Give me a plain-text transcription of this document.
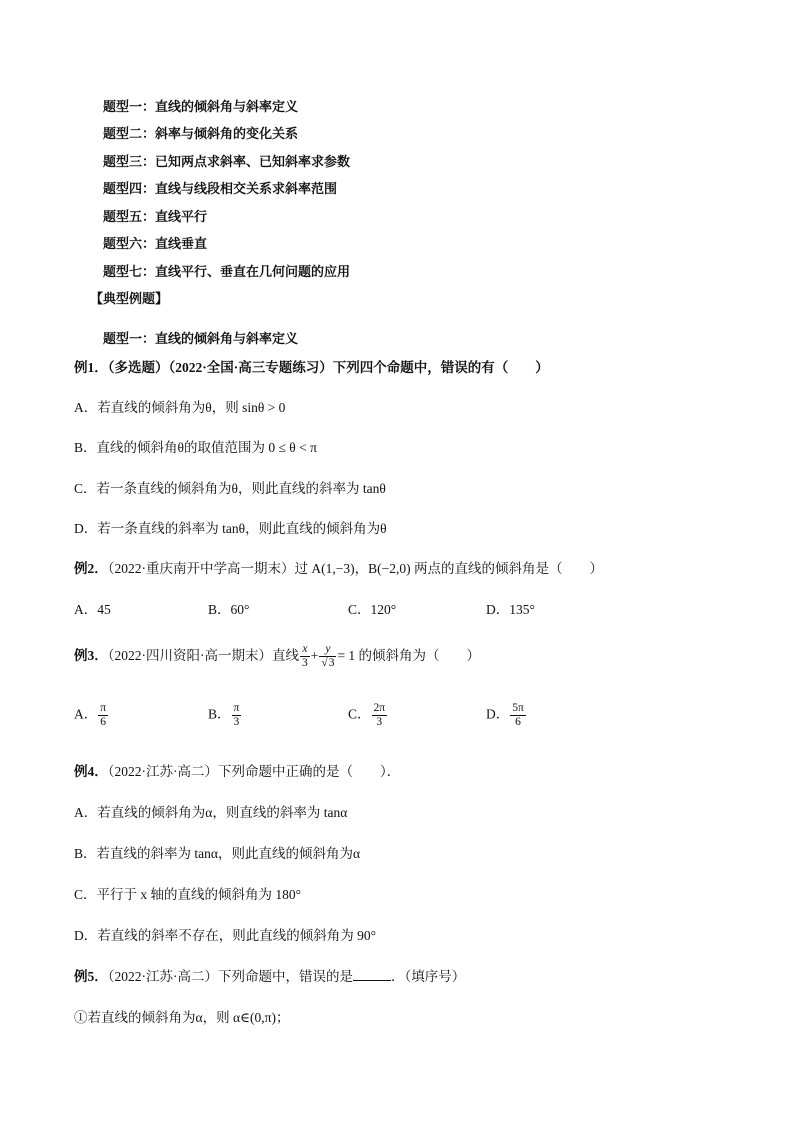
题型一：直线的倾斜角与斜率定义
题型二：斜率与倾斜角的变化关系
题型三：已知两点求斜率、已知斜率求参数
题型四：直线与线段相交关系求斜率范围
题型五：直线平行
题型六：直线垂直
题型七：直线平行、垂直在几何问题的应用
【典型例题】
题型一：直线的倾斜角与斜率定义
例1．（多选题）（2022·全国·高三专题练习）下列四个命题中，错误的有（　　）
A．若直线的倾斜角为θ，则 sinθ > 0
B．直线的倾斜角θ的取值范围为 0 ≤ θ < π
C．若一条直线的倾斜角为θ，则此直线的斜率为 tanθ
D．若一条直线的斜率为 tanθ，则此直线的倾斜角为θ
例2．（2022·重庆南开中学高一期末）过 A(1,−3)，B(−2,0) 两点的直线的倾斜角是（　　）
A．45	B．60°	C．120°	D．135°
例3．（2022·四川资阳·高一期末）直线 $\frac{x}{3} + \frac{y}{√3} = 1$ 的倾斜角为（　　）
A． $\frac{\pi}{6}$	B． $\frac{\pi}{3}$	C． $\frac{2\pi}{3}$	D． $\frac{5\pi}{6}$
例4．（2022·江苏·高二）下列命题中正确的是（　　）．
A．若直线的倾斜角为α，则直线的斜率为 tanα
B．若直线的斜率为 tanα，则此直线的倾斜角为α
C．平行于 x 轴的直线的倾斜角为 180°
D．若直线的斜率不存在，则此直线的倾斜角为 90°
例5．（2022·江苏·高二）下列命题中，错误的是	．（填序号）
①若直线的倾斜角为α，则 α∈(0,π)；
